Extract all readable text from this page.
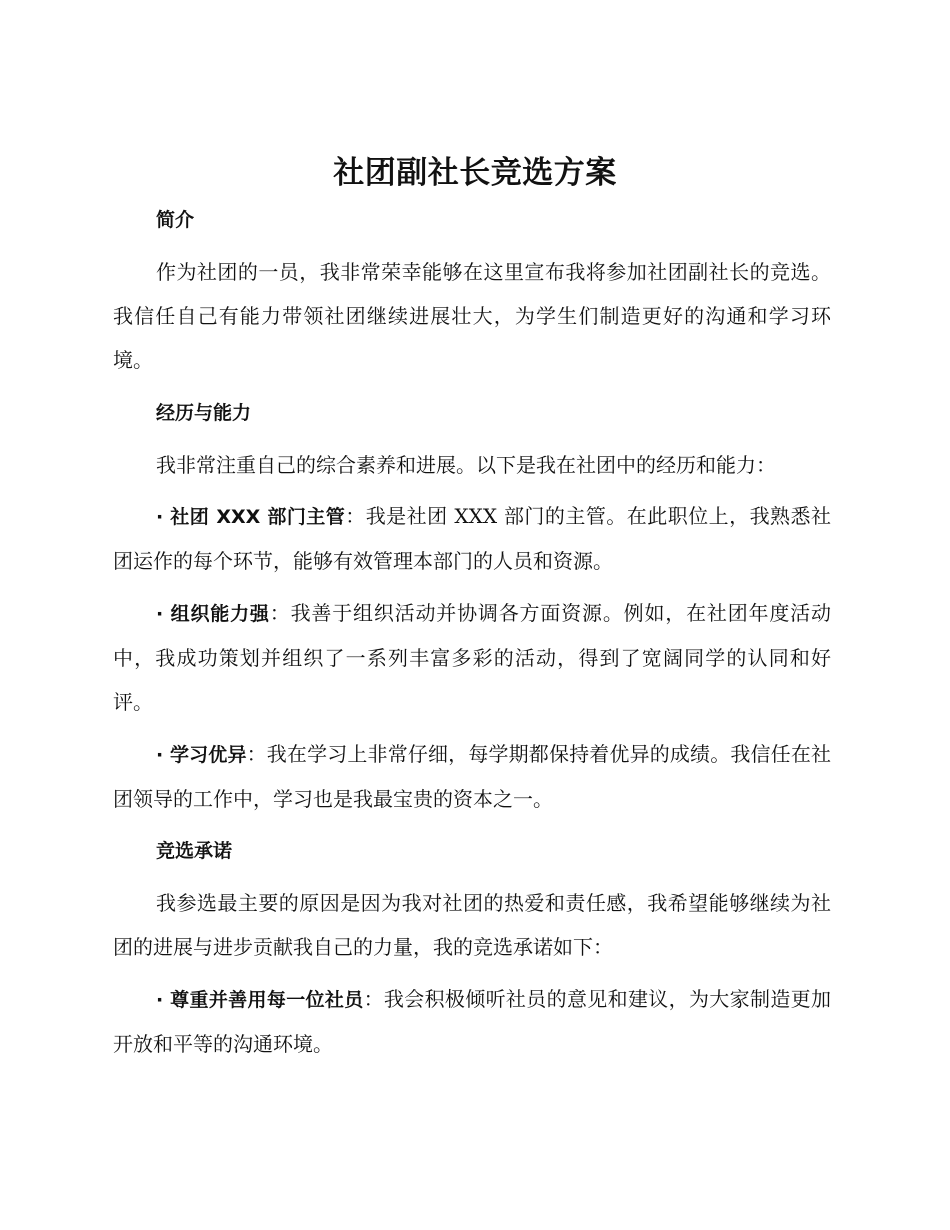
社团副社长竞选方案

简介

作为社团的一员，我非常荣幸能够在这里宣布我将参加社团副社长的竞选。我信任自己有能力带领社团继续进展壮大，为学生们制造更好的沟通和学习环境。

经历与能力

我非常注重自己的综合素养和进展。以下是我在社团中的经历和能力：

· 社团 XXX 部门主管：我是社团 XXX 部门的主管。在此职位上，我熟悉社团运作的每个环节，能够有效管理本部门的人员和资源。

· 组织能力强：我善于组织活动并协调各方面资源。例如，在社团年度活动中，我成功策划并组织了一系列丰富多彩的活动，得到了宽阔同学的认同和好评。

· 学习优异：我在学习上非常仔细，每学期都保持着优异的成绩。我信任在社团领导的工作中，学习也是我最宝贵的资本之一。

竞选承诺

我参选最主要的原因是因为我对社团的热爱和责任感，我希望能够继续为社团的进展与进步贡献我自己的力量，我的竞选承诺如下：

· 尊重并善用每一位社员：我会积极倾听社员的意见和建议，为大家制造更加开放和平等的沟通环境。
